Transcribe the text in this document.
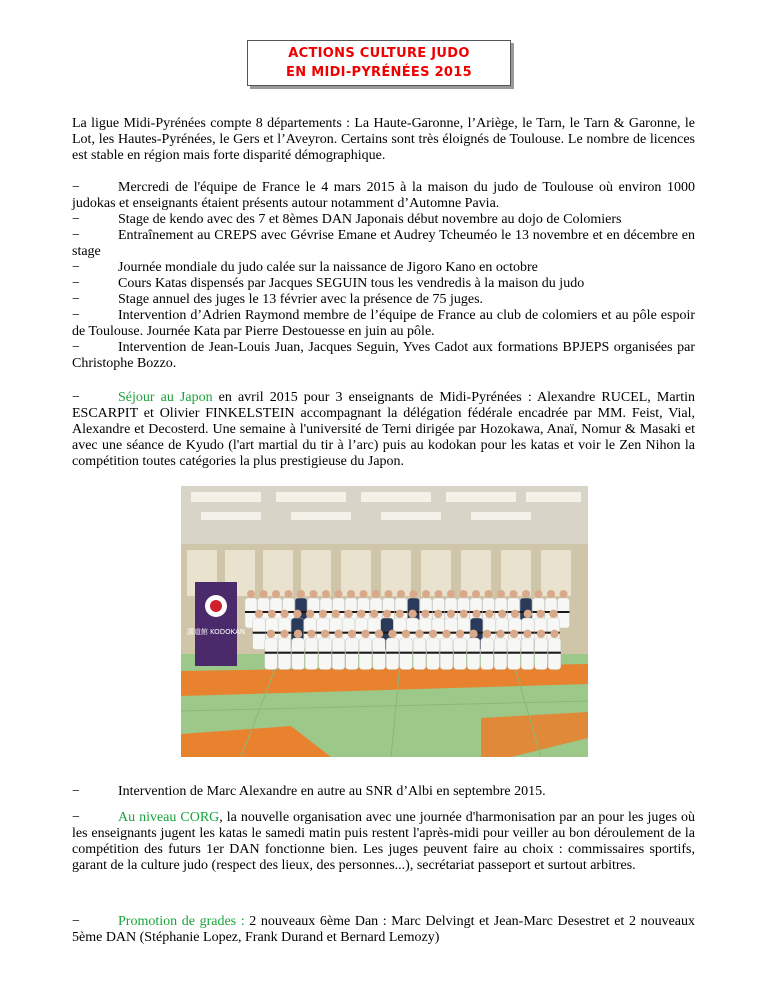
ACTIONS CULTURE JUDO
EN MIDI-PYRÉNÉES 2015

La ligue Midi-Pyrénées compte 8 départements : La Haute-Garonne, l’Ariège, le Tarn, le Tarn & Garonne, le Lot, les Hautes-Pyrénées, le Gers et l’Aveyron. Certains sont très éloignés de Toulouse. Le nombre de licences est stable en région mais forte disparité démographique.

−	Mercredi de l'équipe de France le 4 mars 2015 à la maison du judo de Toulouse où environ 1000 judokas et enseignants étaient présents autour notamment d’Automne Pavia.

−	Stage de kendo avec des 7 et 8èmes DAN Japonais début novembre au dojo de Colomiers

−	Entraînement au CREPS avec Gévrise Emane et Audrey Tcheuméo le 13 novembre et en décembre en stage

−	Journée mondiale du judo calée sur la naissance de Jigoro Kano en octobre

−	Cours Katas dispensés par Jacques SEGUIN tous les vendredis à la maison du judo

−	Stage annuel des juges le 13 février avec la présence de 75 juges.

−	Intervention d’Adrien Raymond membre de l’équipe de France au club de colomiers et au pôle espoir de Toulouse. Journée Kata par Pierre Destouesse en juin au pôle.

−	Intervention de Jean-Louis Juan, Jacques Seguin, Yves Cadot aux formations BPJEPS organisées par Christophe Bozzo.

−	Séjour au Japon en avril 2015 pour 3 enseignants de Midi-Pyrénées : Alexandre RUCEL, Martin ESCARPIT et Olivier FINKELSTEIN accompagnant la délégation fédérale encadrée par MM. Feist, Vial, Alexandre et Decosterd. Une semaine à l'université de Terni dirigée par Hozokawa, Anaï, Nomur & Masaki et avec une séance de Kyudo (l'art martial du tir à l’arc) puis au kodokan pour les katas et voir le Zen Nihon la compétition toutes catégories la plus prestigieuse du Japon.

講道館 KODOKAN

−	Intervention de Marc Alexandre en autre au SNR d’Albi en septembre 2015.

−	Au niveau CORG, la nouvelle organisation avec une journée d'harmonisation par an pour les juges où les enseignants jugent les katas le samedi matin puis restent l'après-midi pour veiller au bon déroulement de la compétition des futurs 1er DAN fonctionne bien. Les juges peuvent faire au choix : commissaires sportifs, garant de la culture judo (respect des lieux, des personnes...), secrétariat passeport et surtout arbitres.

−	Promotion de grades : 2 nouveaux 6ème Dan : Marc Delvingt et Jean-Marc Desestret et 2 nouveaux 5ème DAN (Stéphanie Lopez, Frank Durand et Bernard Lemozy)
